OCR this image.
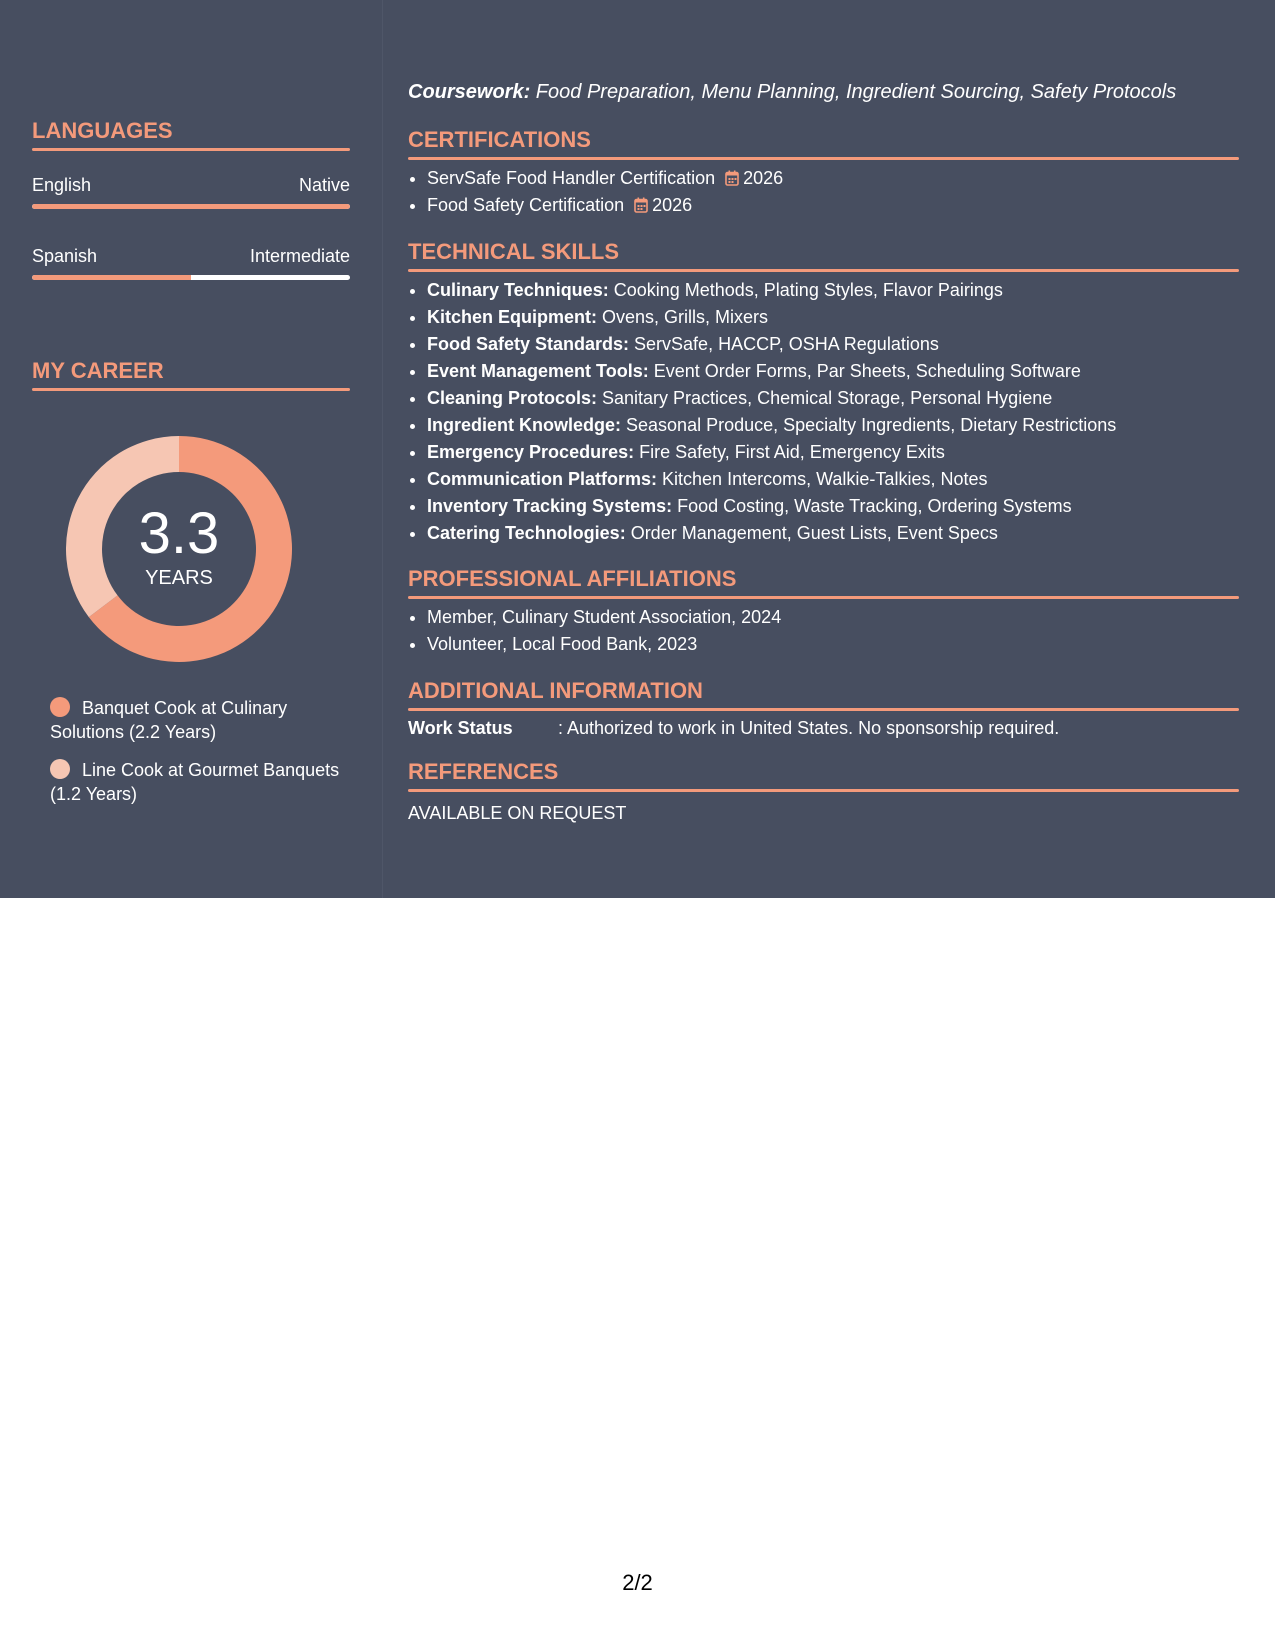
LANGUAGES
English	Native
Spanish	Intermediate
MY CAREER
3.3
YEARS
Banquet Cook at Culinary Solutions (2.2 Years)
Line Cook at Gourmet Banquets (1.2 Years)
Coursework: Food Preparation, Menu Planning, Ingredient Sourcing, Safety Protocols
CERTIFICATIONS
• ServSafe Food Handler Certification 2026
• Food Safety Certification 2026
TECHNICAL SKILLS
• Culinary Techniques: Cooking Methods, Plating Styles, Flavor Pairings
• Kitchen Equipment: Ovens, Grills, Mixers
• Food Safety Standards: ServSafe, HACCP, OSHA Regulations
• Event Management Tools: Event Order Forms, Par Sheets, Scheduling Software
• Cleaning Protocols: Sanitary Practices, Chemical Storage, Personal Hygiene
• Ingredient Knowledge: Seasonal Produce, Specialty Ingredients, Dietary Restrictions
• Emergency Procedures: Fire Safety, First Aid, Emergency Exits
• Communication Platforms: Kitchen Intercoms, Walkie-Talkies, Notes
• Inventory Tracking Systems: Food Costing, Waste Tracking, Ordering Systems
• Catering Technologies: Order Management, Guest Lists, Event Specs
PROFESSIONAL AFFILIATIONS
• Member, Culinary Student Association, 2024
• Volunteer, Local Food Bank, 2023
ADDITIONAL INFORMATION
Work Status	: Authorized to work in United States. No sponsorship required.
REFERENCES
AVAILABLE ON REQUEST
2/2
